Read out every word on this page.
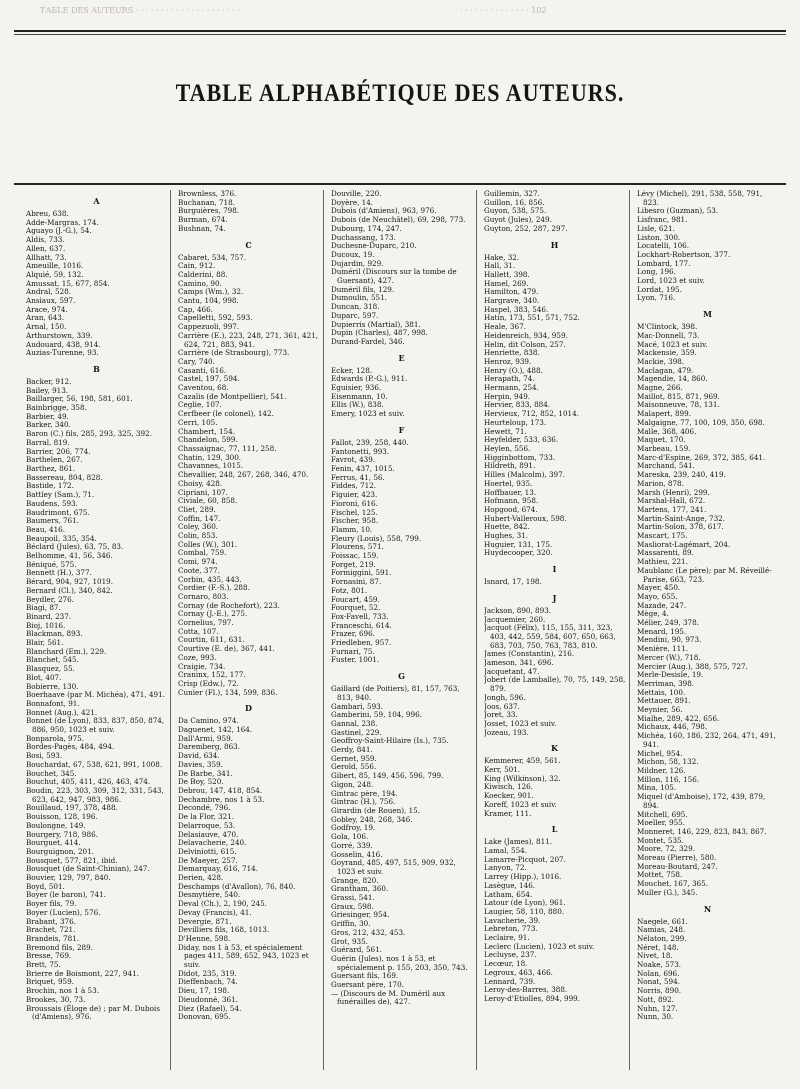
ТАБLE DES AUTEURS · · · · · · · · · · · · · · · · · · · · ·	· · · · · · · · · · · · · · 102
TABLE ALPHABÉTIQUE DES AUTEURS.
A
Abreu, 638.
Adde-Margras, 174.
Aguayo (J.-G.), 54.
Aldis, 733.
Allen, 637.
Allhatt, 73.
Ameuille, 1016.
Alquié, 59, 132.
Amussat, 15, 677, 854.
Andral, 528.
Ansiaux, 597.
Arace, 974.
Aran, 643.
Arnal, 150.
Arthurstown, 339.
Audouard, 438, 914.
Auzias-Turenne, 93.
B
Backer, 912.
Bailey, 913.
Baillarger, 56, 198, 581, 601.
Bainbrigge, 358.
Barbier, 49.
Barker, 340.
Baron (C.) fils, 285, 293, 325, 392.
Barral, 819.
Barrier, 206, 774.
Barthelen, 267.
Barthez, 861.
Bassereau, 804, 828.
Bastide, 172.
Battley (Sam.), 71.
Baudens, 593.
Baudrimont, 675.
Baumers, 761.
Beau, 416.
Beaupoil, 335, 354.
Béclard (Jules), 63, 75, 83.
Belhomme, 41, 56, 346.
Béniqué, 575.
Bennett (H.), 377.
Bérard, 904, 927, 1019.
Bernard (Cl.), 340, 842.
Beydler, 276.
Biagi, 87.
Binard, 237.
Bioj, 1016.
Blackman, 893.
Blair, 561.
Blanchard (Em.), 229.
Blanchet, 545.
Blasquez, 55.
Blot, 407.
Bobierre, 130.
Boerhaave (par M. Michéa), 471, 491.
Bonnafont, 91.
Bonnet (Aug.), 421.
Bonnet (de Lyon), 833, 837, 850, 874, 886, 950, 1023 et suiv.
Bonparola, 975.
Bordes-Pagès, 484, 494.
Bosi, 593.
Bouchardat, 67, 538, 621, 991, 1008.
Bouchet, 345.
Bouchut, 405, 411, 426, 463, 474.
Boudin, 223, 303, 309, 312, 331, 543, 623, 642, 947, 983, 986.
Bouillaud, 197, 378, 488.
Bouisson, 128, 196.
Boulongne, 149.
Bourgery, 718, 986.
Bourguet, 414.
Bourguignon, 201.
Bousquet, 577, 821, ibid.
Bousquet (de Saint-Chinian), 247.
Bouvier, 129, 797, 840.
Boyd, 501.
Boyer (le baron), 741.
Boyer fils, 79.
Boyer (Lucien), 576.
Brabant, 376.
Brachet, 721.
Brandeis, 781.
Bremond fils, 289.
Bresse, 769.
Brett, 75.
Brierre de Boismont, 227, 941.
Briquet, 959.
Brochin, nos 1 à 53.
Brookes, 30, 73.
Broussais (Éloge de) ; par M. Dubois (d'Amiens), 976.
Brownless, 376.
Buchanan, 718.
Burguières, 798.
Burman, 674.
Bushnan, 74.
C
Cabaret, 534, 757.
Cain, 912.
Calderini, 88.
Camino, 90.
Camps (Wm.), 32.
Cantu, 104, 998.
Cap, 466.
Capelletti, 592, 593.
Cappezuoli, 997.
Carrière (E.), 223, 248, 271, 361, 421, 624, 721, 883, 941.
Carrière (de Strasbourg), 773.
Cary, 740.
Casanti, 616.
Castel, 197, 594.
Caventou, 68.
Cazalis (de Montpellier), 541.
Ceglie, 107.
Cerfbeer (le colonel), 142.
Cerri, 105.
Chambert, 154.
Chandelon, 599.
Chassaignac, 77, 111, 258.
Chatin, 129, 300.
Chavannes, 1015.
Chevallier, 248, 267, 268, 346, 470.
Choisy, 428.
Cipriani, 107.
Civiale, 60, 858.
Cliet, 289.
Coffin, 147.
Coley, 360.
Colin, 853.
Colles (W.), 301.
Combal, 759.
Comi, 974.
Coote, 377.
Corbin, 435, 443.
Cordier (F.-S.), 288.
Cornaro, 803.
Cornay (de Rochefort), 223.
Cornay (J.-E.), 275.
Cornelius, 797.
Cotta, 107.
Courtin, 611, 631.
Courtive (E. de), 367, 441.
Coze, 993.
Craigie, 734.
Craninx, 152, 177.
Crisp (Edw.), 72.
Cunier (Fl.), 134, 599, 836.
D
Da Camino, 974.
Daguenet, 142, 164.
Dall'Armi, 959.
Daremberg, 863.
David, 634.
Davies, 359.
De Barbe, 341.
De Boy, 520.
Debrou, 147, 418, 854.
Dechambre, nos 1 à 53.
Decondé, 796.
De la Flor, 321.
Delarroque, 53.
Delasiauve, 470.
Delavacherie, 240.
Delviniotti, 615.
De Maeyer, 257.
Demarquay, 616, 714.
Derien, 428.
Deschamps (d'Avallon), 76, 840.
Desmytière, 540.
Deval (Ch.), 2, 190, 245.
Devay (Francis), 41.
Devergie, 871.
Devilliers fils, 168, 1013.
D'Henne, 598.
Diday, nos 1 à 53, et spécialement pages 411, 589, 652, 943, 1023 et suiv.
Didot, 235, 319.
Dieffenbach, 74.
Dieu, 17, 198.
Dieudonné, 361.
Diez (Rafael), 54.
Donovan, 695.
Douville, 220.
Doyère, 14.
Dubois (d'Amiens), 963, 976.
Dubois (de Neuchâtel), 69, 298, 773.
Dubourg, 174, 247.
Duchassang, 173.
Duchesne-Duparc, 210.
Ducoux, 19.
Dujardin, 929.
Duméril (Discours sur la tombe de Guersant), 427.
Duméril fils, 129.
Dumoulin, 551.
Duncan, 318.
Duparc, 597.
Dupierris (Martial), 381.
Dupin (Charles), 487, 998.
Durand-Fardel, 346.
E
Ecker, 128.
Edwards (P.-G.), 911.
Eguisier, 936.
Eisenmann, 10.
Ellis (W.), 838.
Emery, 1023 et suiv.
F
Fallot, 239, 258, 440.
Fantonetti, 993.
Favrot, 439.
Fenin, 437, 1015.
Ferrus, 41, 56.
Fiddes, 712.
Figuier, 423.
Fioroni, 616.
Fischel, 125.
Fischer, 958.
Flamm, 10.
Fleury (Louis), 558, 799.
Flourens, 571.
Foissac, 159.
Forget, 219.
Formiggini, 591.
Fornasini, 87.
Fotz, 801.
Foucart, 459.
Fourquet, 52.
Fox-Favell, 733.
Franceschi, 614.
Frazer, 696.
Friedleben, 957.
Furnari, 75.
Fuster, 1001.
G
Gaillard (de Poitiers), 81, 157, 763, 813, 940.
Gambari, 593.
Gamberini, 59, 104, 996.
Gannal, 238.
Gastinel, 229.
Geoffroy-Saint-Hilaire (Is.), 735.
Gerdy, 841.
Gernet, 959.
Gerold, 556.
Gibert, 85, 149, 456, 596, 799.
Gigon, 248.
Gintrac père, 194.
Gintrac (H.), 756.
Girardin (de Rouen), 15.
Gobley, 248, 268, 346.
Godfroy, 19.
Gola, 106.
Gorré, 339.
Gosselin, 416.
Goyrand, 485, 497, 515, 909, 932, 1023 et suiv.
Grange, 820.
Grantham, 360.
Grassi, 541.
Graux, 598.
Griesinger, 954.
Griffin, 30.
Gros, 212, 432, 453.
Grot, 935.
Guérard, 561.
Guérin (Jules), nos 1 à 53, et spécialement p. 155, 203, 350, 743.
Guersant fils, 169.
Guersant père, 170.
— (Discours de M. Duméril aux funérailles de), 427.
Guillemin, 327.
Guillon, 16, 856.
Guyon, 538, 575.
Guyot (Jules), 249.
Guyton, 252, 287, 297.
H
Hake, 32.
Hall, 31.
Hallett, 398.
Hamel, 269.
Hamilton, 479.
Hargrave, 340.
Haspel, 383, 546.
Hatin, 173, 551, 571, 752.
Heale, 367.
Heidenreich, 934, 959.
Helin, dit Colson, 257.
Henriette, 838.
Henroz, 939.
Henry (O.), 488.
Herapath, 74.
Hermann, 254.
Herpin, 949.
Hervier, 833, 884.
Hervieux, 712, 852, 1014.
Heurteloup, 173.
Hewett, 71.
Heyfelder, 533, 636.
Heylen, 556.
Higginbottom, 733.
Hildreth, 891.
Hilles (Malcolm), 397.
Hoertel, 935.
Hoffbauer, 13.
Hofmann, 958.
Hopgood, 674.
Hubert-Valleroux, 598.
Huette, 842.
Hughes, 31.
Huguier, 131, 175.
Huydecooper, 320.
I
Isnard, 17, 198.
J
Jackson, 890, 893.
Jacquemier, 260.
Jacquot (Félix), 115, 155, 311, 323, 403, 442, 559, 584, 607, 650, 663, 683, 703, 750, 763, 783, 810.
James (Constantin), 216.
Jameson, 341, 696.
Jacquetant, 47.
Jobert (de Lamballe), 70, 75, 149, 258, 879.
Jongh, 596.
Joos, 637.
Joret, 33.
Josset, 1023 et suiv.
Jozeau, 193.
K
Kemmerer, 459, 561.
Kerr, 501.
King (Wilkinson), 32.
Kiwisch, 126.
Koecker, 901.
Koreff, 1023 et suiv.
Kramer, 111.
L
Lake (James), 811.
Lamal, 554.
Lamarre-Picquot, 207.
Lanyon, 72.
Larrey (Hipp.), 1016.
Lasègue, 146.
Latham, 654.
Latour (de Lyon), 961.
Laugier, 58, 110, 880.
Lavacherie, 39.
Lebreton, 773.
Leclaire, 91.
Leclerc (Lucien), 1023 et suiv.
Lecluyse, 237.
Lecœur, 18.
Legroux, 463, 466.
Lennard, 739.
Leroy-des-Barres, 388.
Leroy-d'Etiolles, 894, 999.
Lévy (Michel), 291, 538, 558, 791, 823.
Libesro (Guzman), 53.
Lisfranc, 981.
Lisle, 621.
Liston, 300.
Locatelli, 106.
Lockhart-Robertson, 377.
Lombard, 177.
Long, 196.
Lord, 1023 et suiv.
Lordat, 195.
Lyon, 716.
M
M'Clintock, 398.
Mac-Donnell, 73.
Macé, 1023 et suiv.
Mackensie, 359.
Mackie, 398.
Maclagan, 479.
Magendie, 14, 860.
Magne, 266.
Maillot, 815, 871, 969.
Maisonneuve, 78, 131.
Malapert, 899.
Malgaigne, 77, 100, 109, 350, 698.
Malle, 368, 406.
Maquet, 170.
Marbeau, 159.
Marc-d'Espine, 269, 372, 385, 641.
Marchand, 541.
Mareska, 239, 240, 419.
Marion, 878.
Marsh (Henri), 299.
Marshal-Hall, 672.
Martens, 177, 241.
Martin-Saint-Ange, 732.
Martin-Solon, 378, 617.
Mascart, 175.
Masliorat-Lagémart, 204.
Massarenti, 89.
Mathieu, 221.
Maublanc (Le père); par M. Réveillé-Parise, 663, 723.
Mayer, 450.
Mayo, 655.
Mazade, 247.
Mège, 4.
Mélier, 249, 378.
Menard, 195.
Mendini, 90, 973.
Menière, 111.
Mercer (W.), 718.
Mercier (Aug.), 388, 575, 727.
Merle-Desisle, 19.
Merriman, 398.
Mettais, 100.
Mettauer, 891.
Meynier, 56.
Mialhe, 289, 422, 656.
Michaux, 446, 798.
Michéa, 160, 186, 232, 264, 471, 491, 941.
Michel, 954.
Michon, 58, 132.
Mildner, 126.
Millon, 116, 156.
Mina, 105.
Miquel (d'Amboise), 172, 439, 879, 894.
Mitchell, 695.
Moeller, 955.
Monneret, 146, 229, 823, 843, 867.
Montet, 535.
Moore, 72, 329.
Moreau (Pierre), 580.
Moreau-Boutard, 247.
Mottet, 758.
Mouchet, 167, 365.
Muller (G.), 345.
N
Naegele, 661.
Namias, 248.
Nélaton, 299.
Néret, 148.
Nivet, 18.
Noake, 573.
Nolan, 696.
Nonat, 594.
Norris, 890.
Nott, 892.
Nuhn, 127.
Nunn, 30.
